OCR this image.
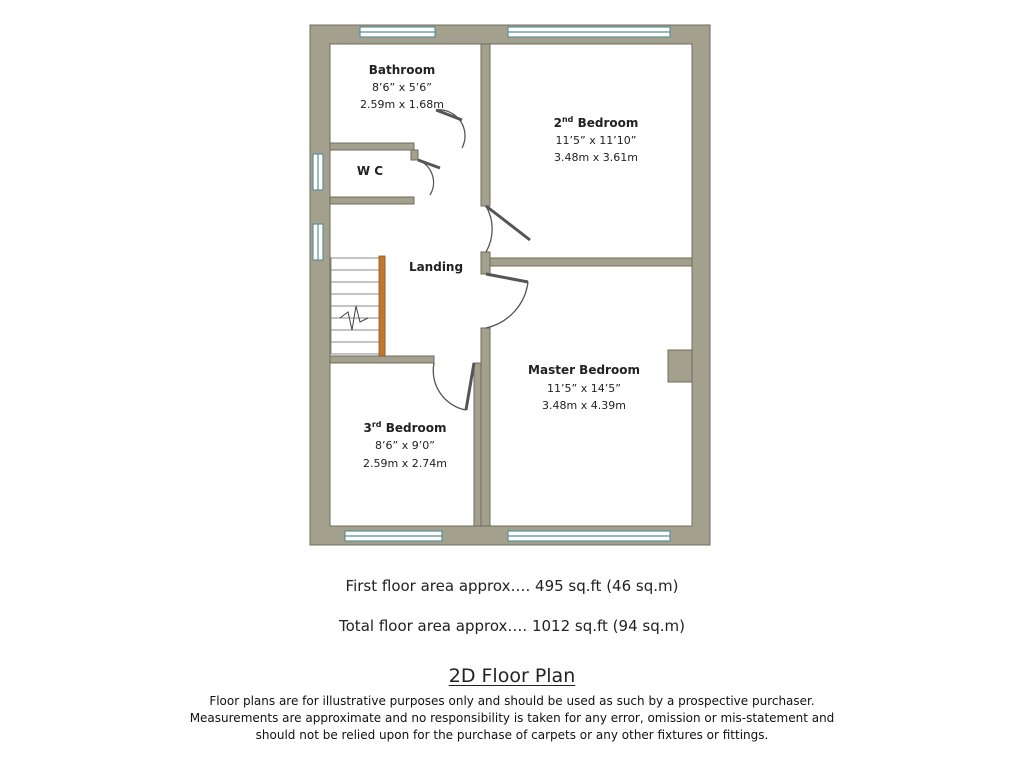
Bathroom
8’6” x 5’6”
2.59m x 1.68m
W C
Landing
2nd Bedroom
11’5” x 11’10”
3.48m x 3.61m
Master Bedroom
11’5” x 14’5”
3.48m x 4.39m
3rd Bedroom
8’6” x 9’0”
2.59m x 2.74m
First floor area approx…. 495 sq.ft (46 sq.m)
Total floor area approx…. 1012 sq.ft (94 sq.m)
2D Floor Plan
Floor plans are for illustrative purposes only and should be used as such by a prospective purchaser.
Measurements are approximate and no responsibility is taken for any error, omission or mis-statement and
should not be relied upon for the purchase of carpets or any other fixtures or fittings.
